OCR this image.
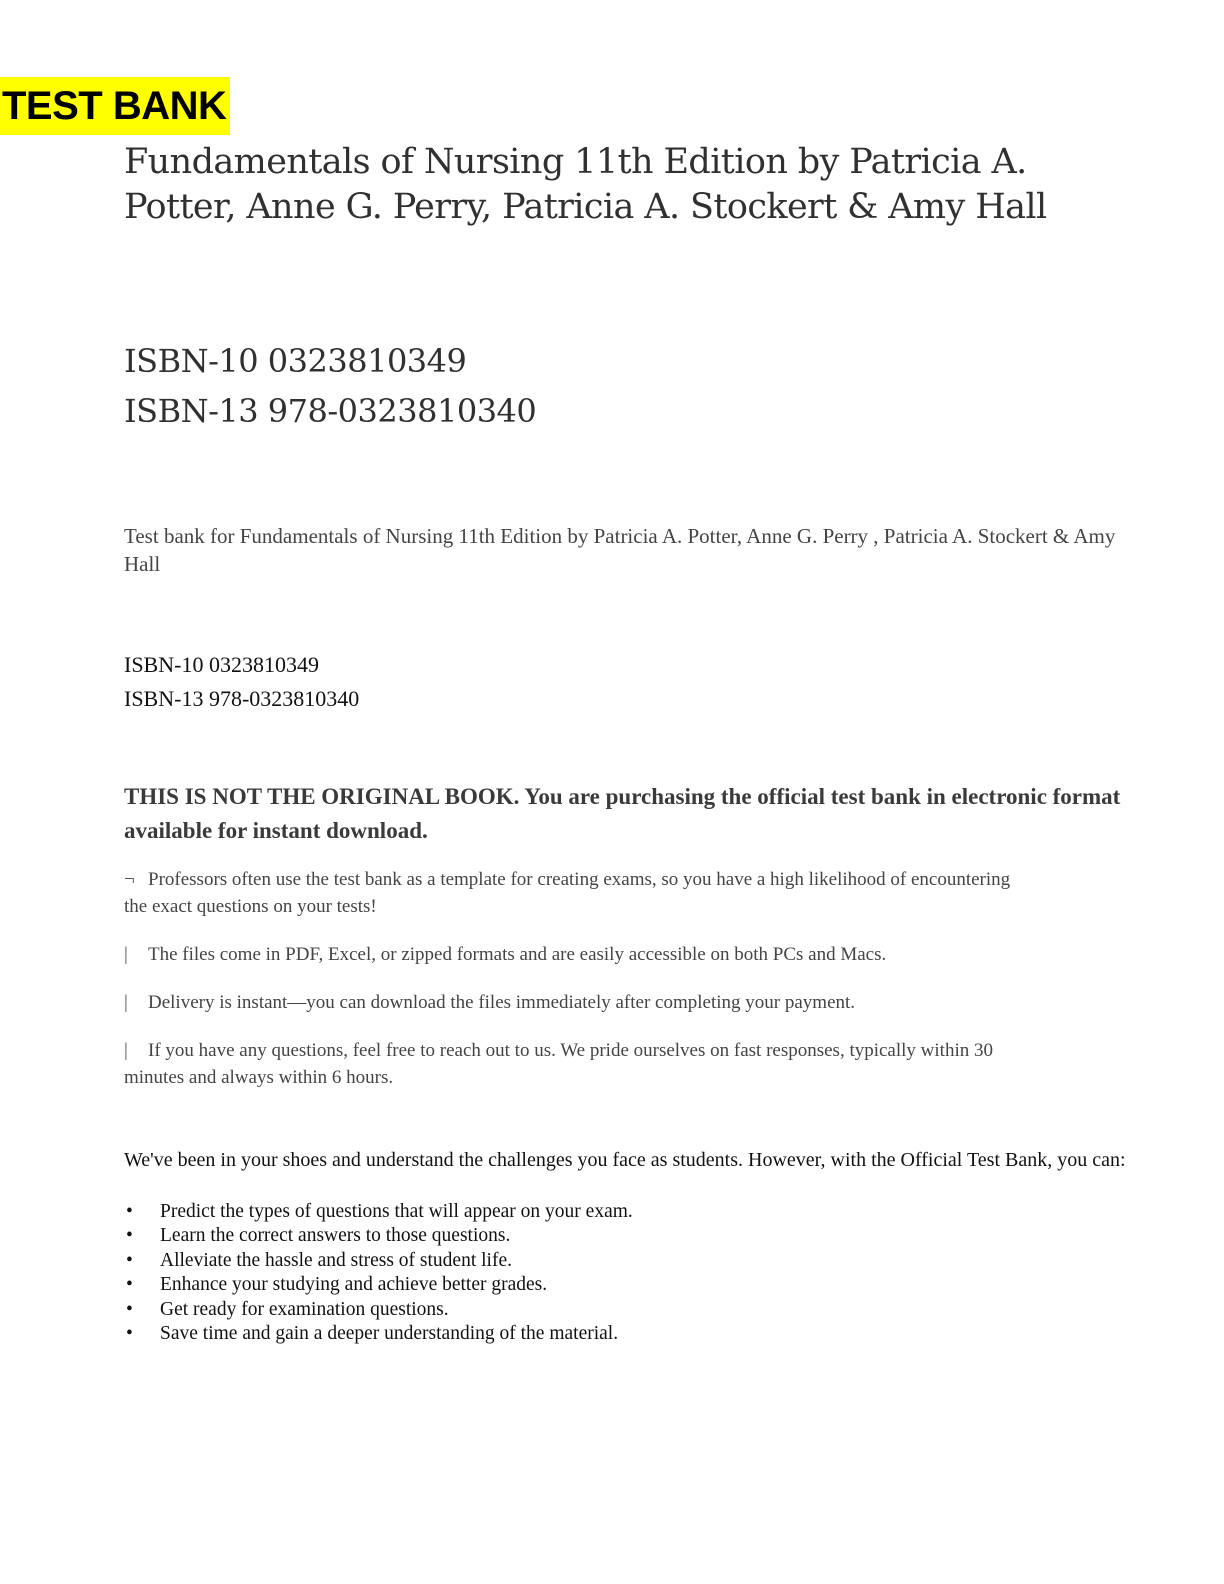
TEST BANK
Fundamentals of Nursing 11th Edition by Patricia A. Potter, Anne G. Perry, Patricia A. Stockert & Amy Hall
ISBN-10 0323810349
ISBN-13 978-0323810340
Test bank for Fundamentals of Nursing 11th Edition by Patricia A. Potter, Anne G. Perry , Patricia A. Stockert & Amy Hall
ISBN-10 0323810349
ISBN-13 978-0323810340
THIS IS NOT THE ORIGINAL BOOK. You are purchasing the official test bank in electronic format available for instant download.
¬ Professors often use the test bank as a template for creating exams, so you have a high likelihood of encountering the exact questions on your tests!
| The files come in PDF, Excel, or zipped formats and are easily accessible on both PCs and Macs.
| Delivery is instant—you can download the files immediately after completing your payment.
| If you have any questions, feel free to reach out to us. We pride ourselves on fast responses, typically within 30 minutes and always within 6 hours.
We've been in your shoes and understand the challenges you face as students. However, with the Official Test Bank, you can:
• Predict the types of questions that will appear on your exam.
• Learn the correct answers to those questions.
• Alleviate the hassle and stress of student life.
• Enhance your studying and achieve better grades.
• Get ready for examination questions.
• Save time and gain a deeper understanding of the material.
